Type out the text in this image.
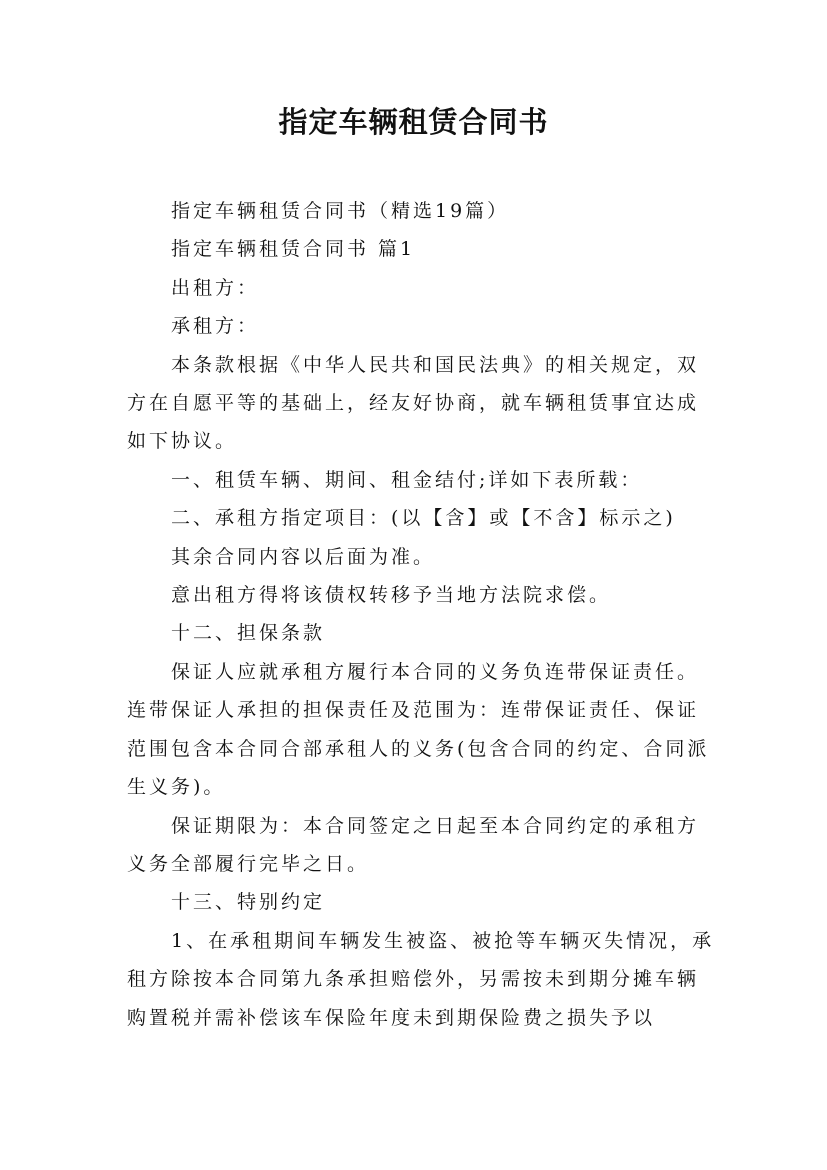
指定车辆租赁合同书

指定车辆租赁合同书（精选19篇）

指定车辆租赁合同书 篇1

出租方：

承租方：

本条款根据《中华人民共和国民法典》的相关规定，双方在自愿平等的基础上，经友好协商，就车辆租赁事宜达成如下协议。

一、租赁车辆、期间、租金结付;详如下表所载：

二、承租方指定项目：(以【含】或【不含】标示之)

其余合同内容以后面为准。

意出租方得将该债权转移予当地方法院求偿。

十二、担保条款

保证人应就承租方履行本合同的义务负连带保证责任。连带保证人承担的担保责任及范围为：连带保证责任、保证范围包含本合同合部承租人的义务(包含合同的约定、合同派生义务)。

保证期限为：本合同签定之日起至本合同约定的承租方义务全部履行完毕之日。

十三、特别约定

1、在承租期间车辆发生被盗、被抢等车辆灭失情况，承租方除按本合同第九条承担赔偿外，另需按未到期分摊车辆购置税并需补偿该车保险年度未到期保险费之损失予以
